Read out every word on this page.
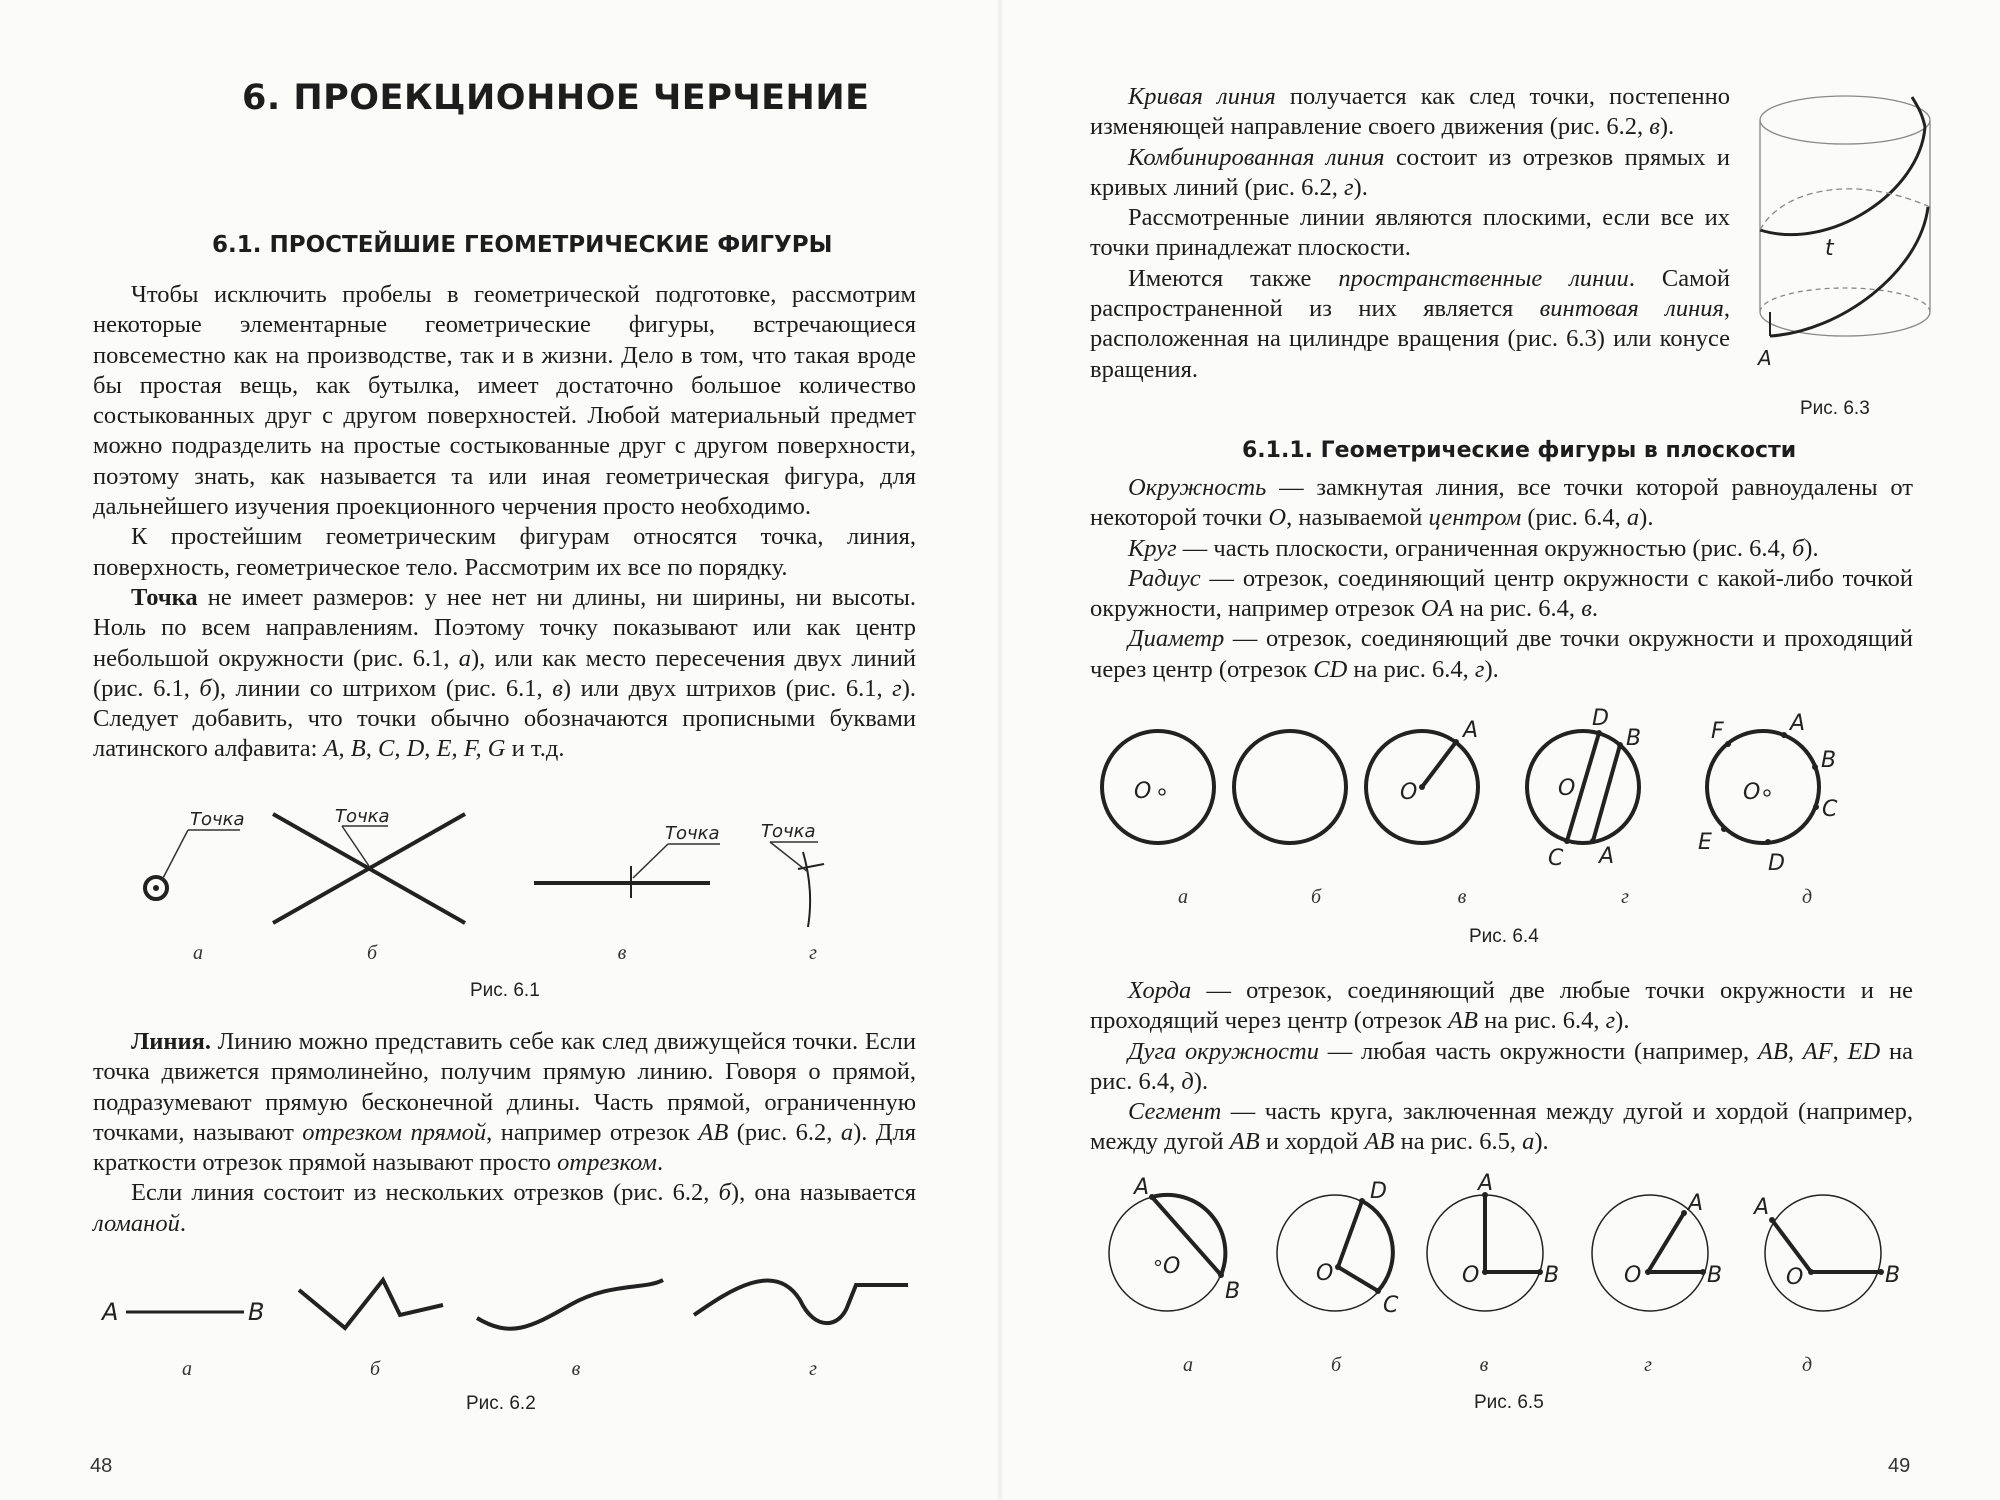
6. ПРОЕКЦИОННОЕ ЧЕРЧЕНИЕ
6.1. ПРОСТЕЙШИЕ ГЕОМЕТРИЧЕСКИЕ ФИГУРЫ

Чтобы исключить пробелы в геометрической подготовке, рассмотрим некоторые элементарные геометрические фигуры, встречающиеся повсеместно как на производстве, так и в жизни. Дело в том, что такая вроде бы простая вещь, как бутылка, имеет достаточно большое количество состыкованных друг с другом поверхностей. Любой материальный предмет можно подразделить на простые состыкованные друг с другом поверхности, поэтому знать, как называется та или иная геометрическая фигура, для дальнейшего изучения проекционного черчения просто необходимо.

К простейшим геометрическим фигурам относятся точка, линия, поверхность, геометрическое тело. Рассмотрим их все по порядку.

Точка не имеет размеров: у нее нет ни длины, ни ширины, ни высоты. Ноль по всем направлениям. Поэтому точку показывают или как центр небольшой окружности (рис. 6.1, а), или как место пересечения двух линий (рис. 6.1, б), линии со штрихом (рис. 6.1, в) или двух штрихов (рис. 6.1, г). Следует добавить, что точки обычно обозначаются прописными буквами латинского алфавита: A, B, C, D, E, F, G и т.д.

Точка	Точка
Точка Точка
а	б	в	г
Рис. 6.1

Линия. Линию можно представить себе как след движущейся точки. Если точка движется прямолинейно, получим прямую линию. Говоря о прямой, подразумевают прямую бесконечной длины. Часть прямой, ограниченную точками, называют отрезком прямой, например отрезок AB (рис. 6.2, а). Для краткости отрезок прямой называют просто отрезком.

Если линия состоит из нескольких отрезков (рис. 6.2, б), она называется ломаной.

A	B
а	б	в	г
Рис. 6.2
48

Кривая линия получается как след точки, постепенно изменяющей направление своего движения (рис. 6.2, в).

Комбинированная линия состоит из отрезков прямых и кривых линий (рис. 6.2, г).

Рассмотренные линии являются плоскими, если все их точки принадлежат плоскости.

Имеются также пространственные линии. Самой распространенной из них является винтовая линия, расположенная на цилиндре вращения (рис. 6.3) или конусе вращения.

t
A
Рис. 6.3
6.1.1. Геометрические фигуры в плоскости

Окружность — замкнутая линия, все точки которой равноудалены от некоторой точки O, называемой центром (рис. 6.4, а).

Круг — часть плоскости, ограниченная окружностью (рис. 6.4, б).

Радиус — отрезок, соединяющий центр окружности с какой-либо точкой окружности, например отрезок OA на рис. 6.4, в.

Диаметр — отрезок, соединяющий две точки окружности и проходящий через центр (отрезок CD на рис. 6.4, г).

O	O
A
O
D
B
C A
O
F	A
B
C
E
D
а	б	в	г	д
Рис. 6.4

Хорда — отрезок, соединяющий две любые точки окружности и не проходящий через центр (отрезок AB на рис. 6.4, г).

Дуга окружности — любая часть окружности (например, AB, AF, ED на рис. 6.4, д).

Сегмент — часть круга, заключенная между дугой и хордой (например, между дугой AB и хордой AB на рис. 6.5, а).

A
B
O	O
D
C
O
A
B	O
A
B	O
A
B
а	б	в	г	д
Рис. 6.5
49
